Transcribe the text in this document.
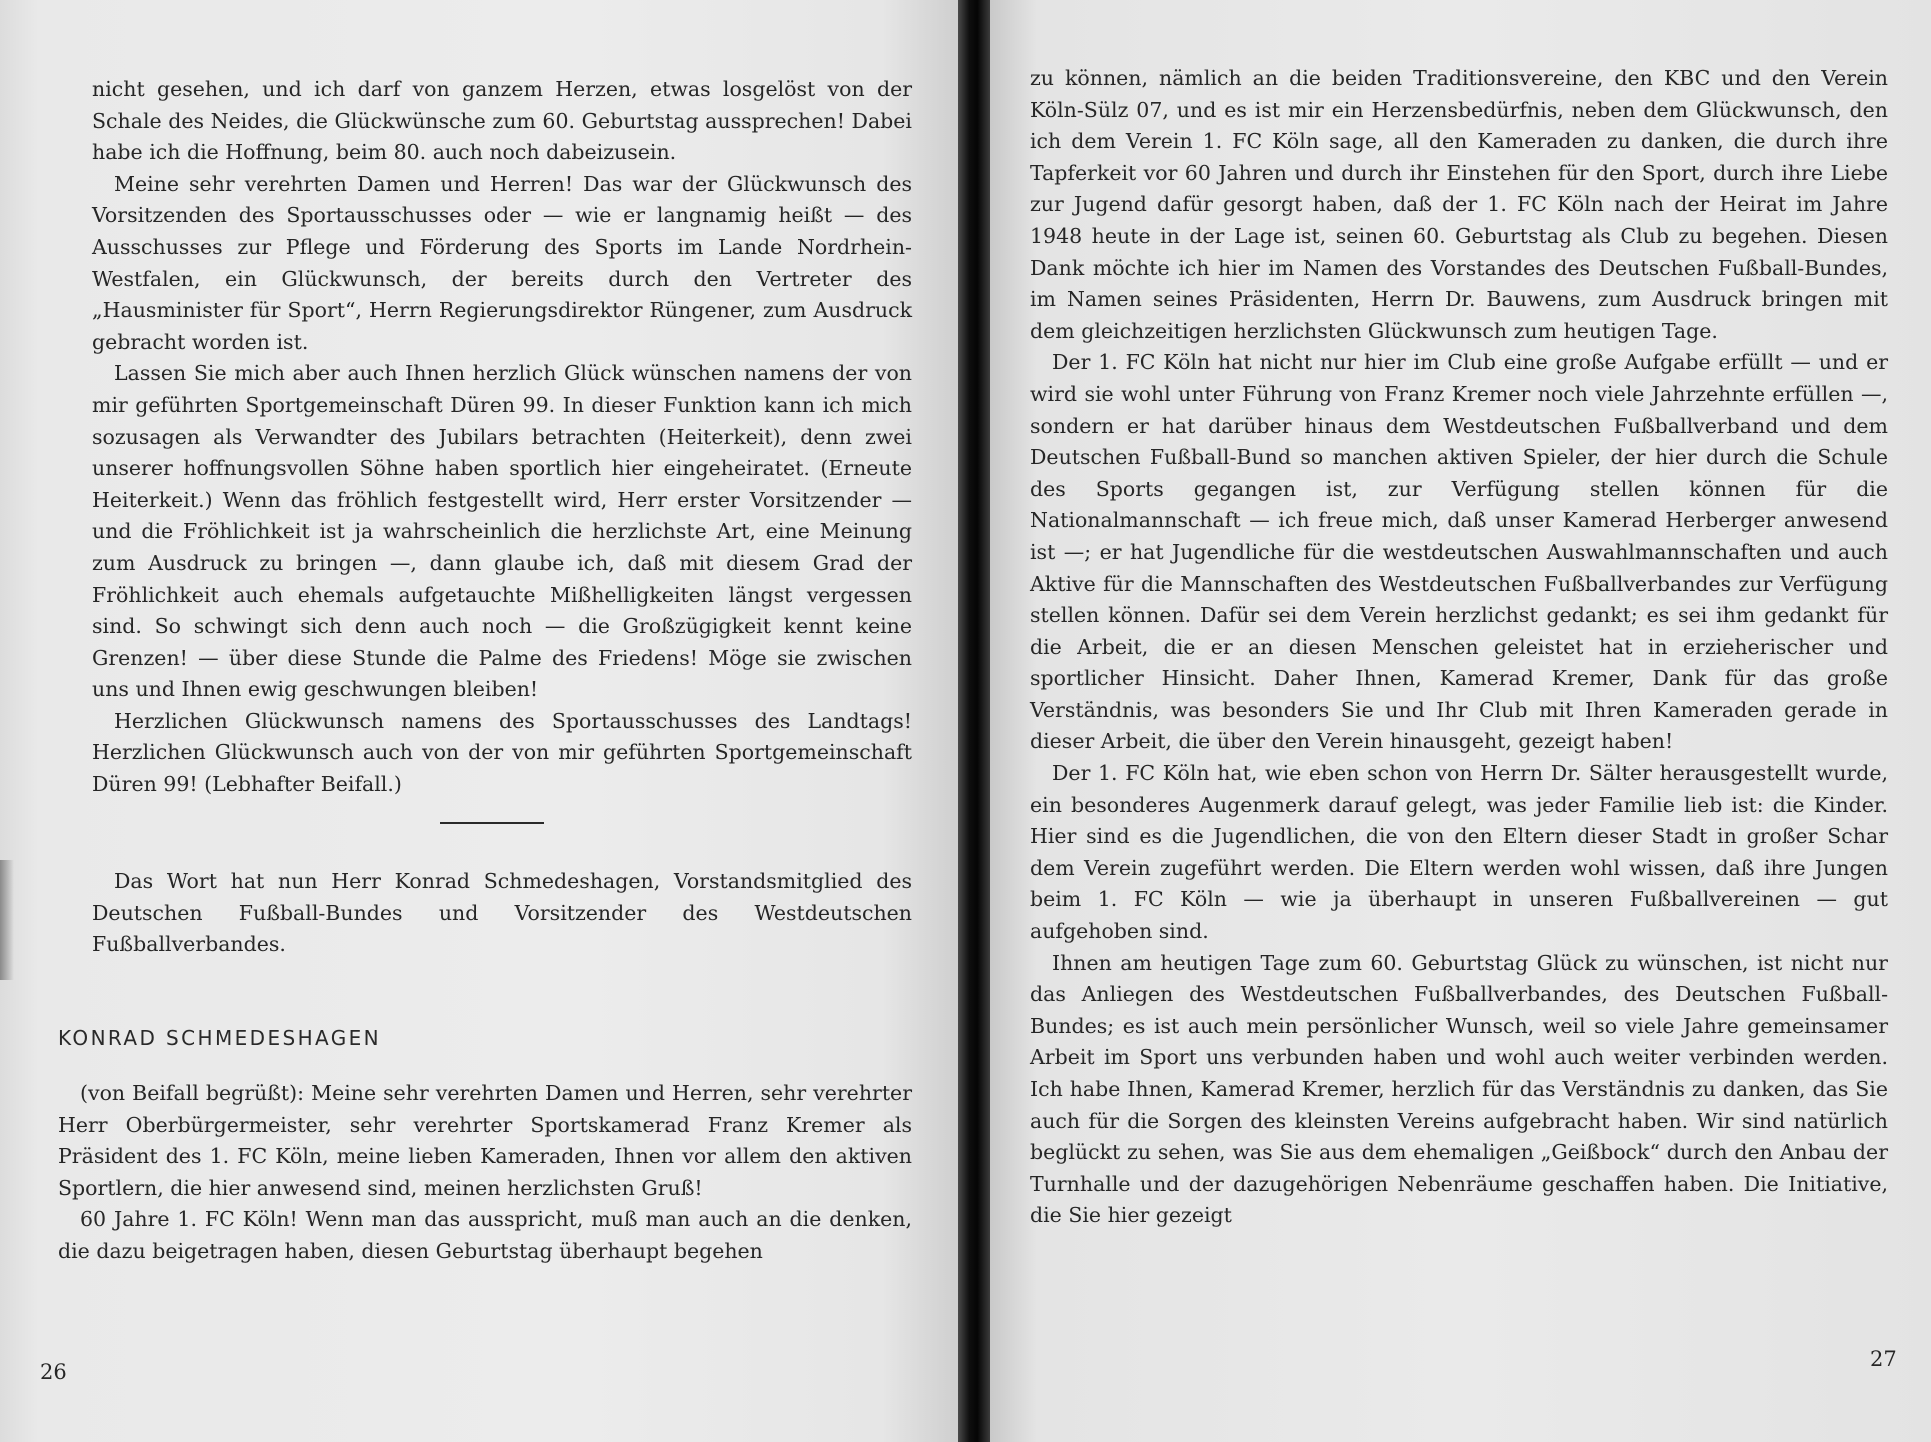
nicht gesehen, und ich darf von ganzem Herzen, etwas losgelöst von der Schale des Neides, die Glückwünsche zum 60. Geburtstag aussprechen! Dabei habe ich die Hoffnung, beim 80. auch noch dabeizusein.

Meine sehr verehrten Damen und Herren! Das war der Glückwunsch des Vorsitzenden des Sportausschusses oder — wie er langnamig heißt — des Ausschusses zur Pflege und Förderung des Sports im Lande Nordrhein-Westfalen, ein Glückwunsch, der bereits durch den Vertreter des „Hausminister für Sport“, Herrn Regierungsdirektor Rüngener, zum Ausdruck gebracht worden ist.

Lassen Sie mich aber auch Ihnen herzlich Glück wünschen namens der von mir geführten Sportgemeinschaft Düren 99. In dieser Funktion kann ich mich sozusagen als Verwandter des Jubilars betrachten (Heiterkeit), denn zwei unserer hoffnungsvollen Söhne haben sportlich hier eingeheiratet. (Erneute Heiterkeit.) Wenn das fröhlich festgestellt wird, Herr erster Vorsitzender — und die Fröhlichkeit ist ja wahrscheinlich die herzlichste Art, eine Meinung zum Ausdruck zu bringen —, dann glaube ich, daß mit diesem Grad der Fröhlichkeit auch ehemals aufgetauchte Mißhelligkeiten längst vergessen sind. So schwingt sich denn auch noch — die Großzügigkeit kennt keine Grenzen! — über diese Stunde die Palme des Friedens! Möge sie zwischen uns und Ihnen ewig geschwungen bleiben!

Herzlichen Glückwunsch namens des Sportausschusses des Landtags! Herzlichen Glückwunsch auch von der von mir geführten Sportgemeinschaft Düren 99! (Lebhafter Beifall.)

Das Wort hat nun Herr Konrad Schmedeshagen, Vorstandsmitglied des Deutschen Fußball-Bundes und Vorsitzender des Westdeutschen Fußballverbandes.

KONRAD SCHMEDESHAGEN

(von Beifall begrüßt): Meine sehr verehrten Damen und Herren, sehr verehrter Herr Oberbürgermeister, sehr verehrter Sportskamerad Franz Kremer als Präsident des 1. FC Köln, meine lieben Kameraden, Ihnen vor allem den aktiven Sportlern, die hier anwesend sind, meinen herzlichsten Gruß!

60 Jahre 1. FC Köln! Wenn man das ausspricht, muß man auch an die denken, die dazu beigetragen haben, diesen Geburtstag überhaupt begehen

26

zu können, nämlich an die beiden Traditionsvereine, den KBC und den Verein Köln-Sülz 07, und es ist mir ein Herzensbedürfnis, neben dem Glückwunsch, den ich dem Verein 1. FC Köln sage, all den Kameraden zu danken, die durch ihre Tapferkeit vor 60 Jahren und durch ihr Einstehen für den Sport, durch ihre Liebe zur Jugend dafür gesorgt haben, daß der 1. FC Köln nach der Heirat im Jahre 1948 heute in der Lage ist, seinen 60. Geburtstag als Club zu begehen. Diesen Dank möchte ich hier im Namen des Vorstandes des Deutschen Fußball-Bundes, im Namen seines Präsidenten, Herrn Dr. Bauwens, zum Ausdruck bringen mit dem gleichzeitigen herzlichsten Glückwunsch zum heutigen Tage.

Der 1. FC Köln hat nicht nur hier im Club eine große Aufgabe erfüllt — und er wird sie wohl unter Führung von Franz Kremer noch viele Jahrzehnte erfüllen —, sondern er hat darüber hinaus dem Westdeutschen Fußballverband und dem Deutschen Fußball-Bund so manchen aktiven Spieler, der hier durch die Schule des Sports gegangen ist, zur Verfügung stellen können für die Nationalmannschaft — ich freue mich, daß unser Kamerad Herberger anwesend ist —; er hat Jugendliche für die westdeutschen Auswahlmannschaften und auch Aktive für die Mannschaften des Westdeutschen Fußballverbandes zur Verfügung stellen können. Dafür sei dem Verein herzlichst gedankt; es sei ihm gedankt für die Arbeit, die er an diesen Menschen geleistet hat in erzieherischer und sportlicher Hinsicht. Daher Ihnen, Kamerad Kremer, Dank für das große Verständnis, was besonders Sie und Ihr Club mit Ihren Kameraden gerade in dieser Arbeit, die über den Verein hinausgeht, gezeigt haben!

Der 1. FC Köln hat, wie eben schon von Herrn Dr. Sälter herausgestellt wurde, ein besonderes Augenmerk darauf gelegt, was jeder Familie lieb ist: die Kinder. Hier sind es die Jugendlichen, die von den Eltern dieser Stadt in großer Schar dem Verein zugeführt werden. Die Eltern werden wohl wissen, daß ihre Jungen beim 1. FC Köln — wie ja überhaupt in unseren Fußballvereinen — gut aufgehoben sind.

Ihnen am heutigen Tage zum 60. Geburtstag Glück zu wünschen, ist nicht nur das Anliegen des Westdeutschen Fußballverbandes, des Deutschen Fußball-Bundes; es ist auch mein persönlicher Wunsch, weil so viele Jahre gemeinsamer Arbeit im Sport uns verbunden haben und wohl auch weiter verbinden werden. Ich habe Ihnen, Kamerad Kremer, herzlich für das Verständnis zu danken, das Sie auch für die Sorgen des kleinsten Vereins aufgebracht haben. Wir sind natürlich beglückt zu sehen, was Sie aus dem ehemaligen „Geißbock“ durch den Anbau der Turnhalle und der dazugehörigen Nebenräume geschaffen haben. Die Initiative, die Sie hier gezeigt

27
